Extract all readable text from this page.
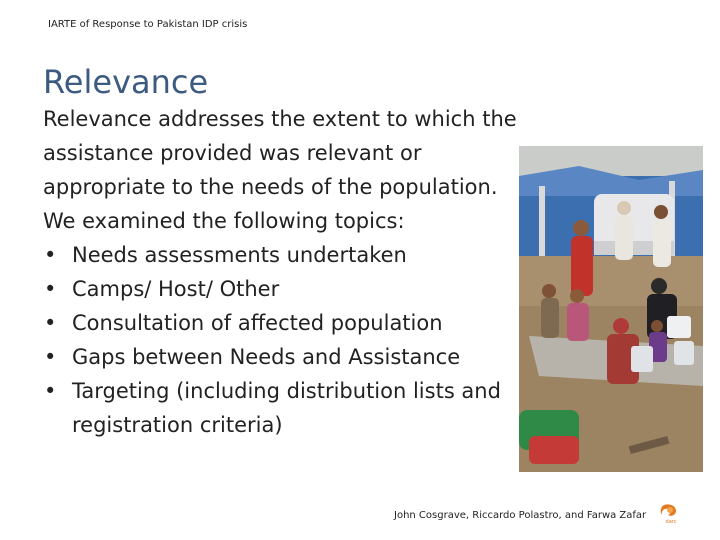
IARTE of Response to Pakistan IDP crisis
Relevance

Relevance addresses the extent to which the assistance provided was relevant or appropriate to the needs of the population. We examined the following topics:

• Needs assessments undertaken
• Camps/ Host/ Other
• Consultation of affected population
• Gaps between Needs and Assistance
• Targeting (including distribution lists and registration criteria)
John Cosgrave, Riccardo Polastro, and Farwa Zafar
darc
